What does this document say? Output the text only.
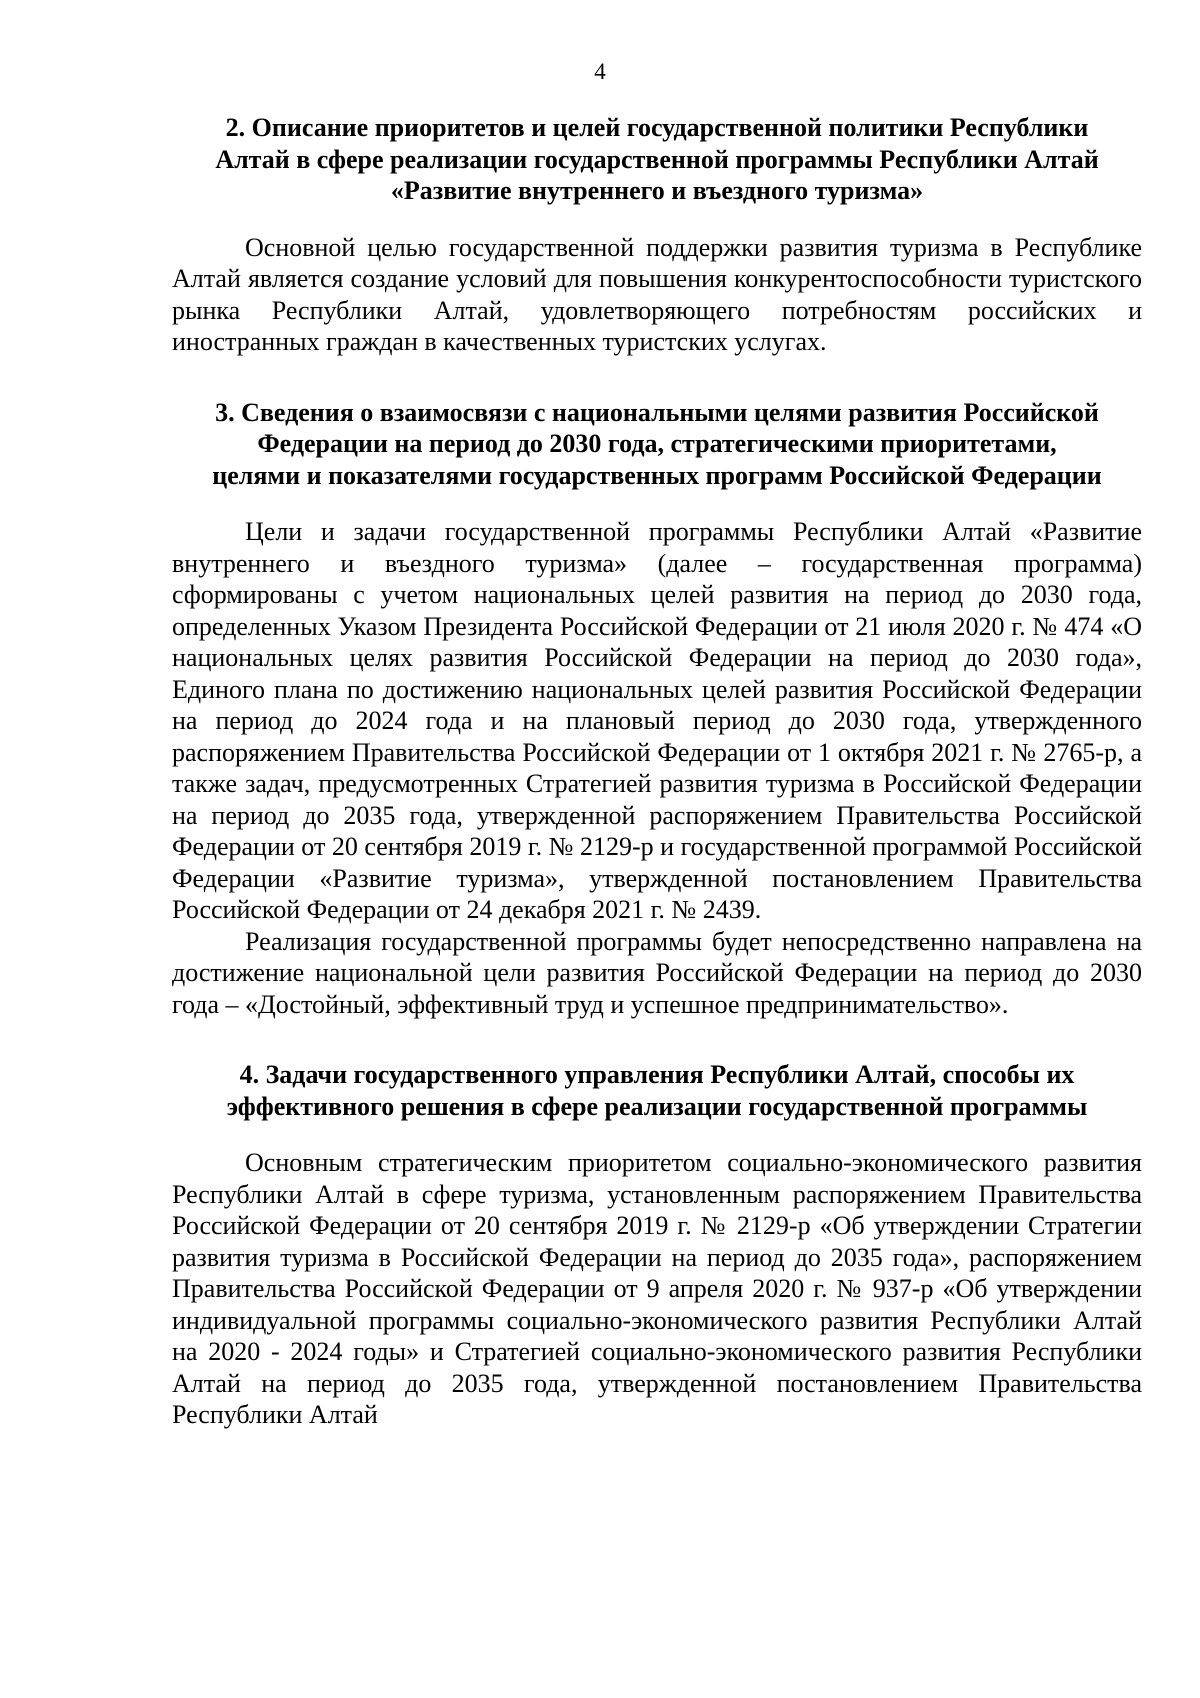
4
2. Описание приоритетов и целей государственной политики Республики
Алтай в сфере реализации государственной программы Республики Алтай
«Развитие внутреннего и въездного туризма»

Основной целью государственной поддержки развития туризма в Республике Алтай является создание условий для повышения конкурентоспособности туристского рынка Республики Алтай, удовлетворяющего потребностям российских и иностранных граждан в качественных туристских услугах.

3. Сведения о взаимосвязи с национальными целями развития Российской
Федерации на период до 2030 года, стратегическими приоритетами,
целями и показателями государственных программ Российской Федерации

Цели и задачи государственной программы Республики Алтай «Развитие внутреннего и въездного туризма» (далее – государственная программа) сформированы с учетом национальных целей развития на период до 2030 года, определенных Указом Президента Российской Федерации от 21 июля 2020 г. № 474 «О национальных целях развития Российской Федерации на период до 2030 года», Единого плана по достижению национальных целей развития Российской Федерации на период до 2024 года и на плановый период до 2030 года, утвержденного распоряжением Правительства Российской Федерации от 1 октября 2021 г. № 2765-р, а также задач, предусмотренных Стратегией развития туризма в Российской Федерации на период до 2035 года, утвержденной распоряжением Правительства Российской Федерации от 20 сентября 2019 г. № 2129-р и государственной программой Российской Федерации «Развитие туризма», утвержденной постановлением Правительства Российской Федерации от 24 декабря 2021 г. № 2439.

Реализация государственной программы будет непосредственно направлена на достижение национальной цели развития Российской Федерации на период до 2030 года – «Достойный, эффективный труд и успешное предпринимательство».

4. Задачи государственного управления Республики Алтай, способы их
эффективного решения в сфере реализации государственной программы

Основным стратегическим приоритетом социально-экономического развития Республики Алтай в сфере туризма, установленным распоряжением Правительства Российской Федерации от 20 сентября 2019 г. № 2129-р «Об утверждении Стратегии развития туризма в Российской Федерации на период до 2035 года», распоряжением Правительства Российской Федерации от 9 апреля 2020 г. № 937-р «Об утверждении индивидуальной программы социально-экономического развития Республики Алтай на 2020 - 2024 годы» и Стратегией социально-экономического развития Республики Алтай на период до 2035 года, утвержденной постановлением Правительства Республики Алтай
